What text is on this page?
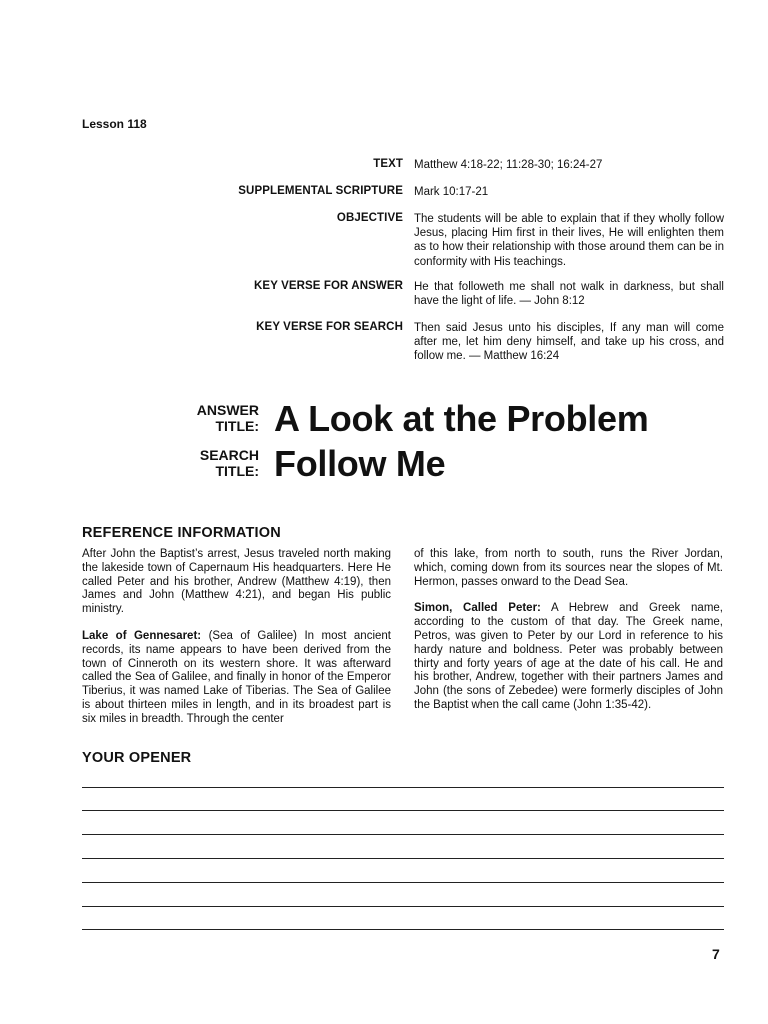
Lesson 118
TEXT Matthew 4:18-22; 11:28-30; 16:24-27
SUPPLEMENTAL SCRIPTURE Mark 10:17-21
OBJECTIVE The students will be able to explain that if they wholly follow Jesus, placing Him first in their lives, He will enlighten them as to how their relationship with those around them can be in conformity with His teachings.
KEY VERSE FOR ANSWER He that followeth me shall not walk in darkness, but shall have the light of life. — John 8:12
KEY VERSE FOR SEARCH Then said Jesus unto his disciples, If any man will come after me, let him deny himself, and take up his cross, and follow me. — Matthew 16:24
ANSWER
TITLE: A Look at the Problem
SEARCH
TITLE: Follow Me
REFERENCE INFORMATION

After John the Baptist’s arrest, Jesus traveled north making the lakeside town of Capernaum His headquarters. Here He called Peter and his brother, Andrew (Matthew 4:19), then James and John (Matthew 4:21), and began His public ministry.

Lake of Gennesaret: (Sea of Galilee) In most ancient records, its name appears to have been derived from the town of Cinneroth on its western shore. It was afterward called the Sea of Galilee, and finally in honor of the Emperor Tiberius, it was named Lake of Tiberias. The Sea of Galilee is about thirteen miles in length, and in its broadest part is six miles in breadth. Through the center

of this lake, from north to south, runs the River Jordan, which, coming down from its sources near the slopes of Mt. Hermon, passes onward to the Dead Sea.

Simon, Called Peter: A Hebrew and Greek name, according to the custom of that day. The Greek name, Petros, was given to Peter by our Lord in reference to his hardy nature and boldness. Peter was probably between thirty and forty years of age at the date of his call. He and his brother, Andrew, together with their partners James and John (the sons of Zebedee) were formerly disciples of John the Baptist when the call came (John 1:35-42).

YOUR OPENER
7
